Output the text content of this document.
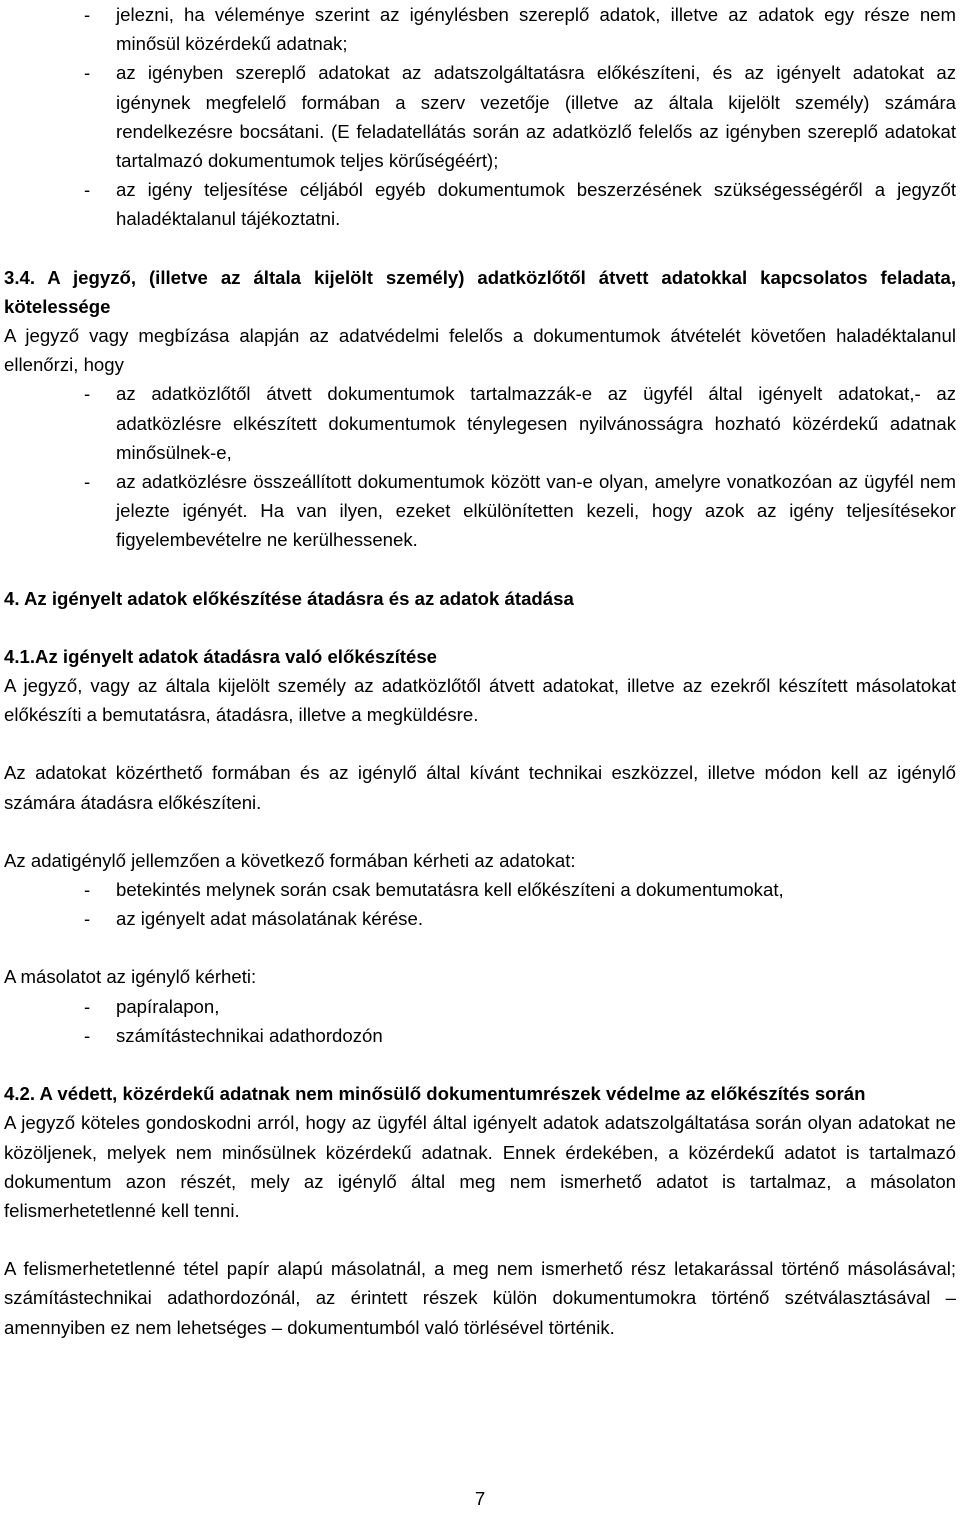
- jelezni, ha véleménye szerint az igénylésben szereplő adatok, illetve az adatok egy része nem minősül közérdekű adatnak;

- az igényben szereplő adatokat az adatszolgáltatásra előkészíteni, és az igényelt adatokat az igénynek megfelelő formában a szerv vezetője (illetve az általa kijelölt személy) számára rendelkezésre bocsátani. (E feladatellátás során az adatközlő felelős az igényben szereplő adatokat tartalmazó dokumentumok teljes körűségéért);

- az igény teljesítése céljából egyéb dokumentumok beszerzésének szükségességéről a jegyzőt haladéktalanul tájékoztatni.

3.4. A jegyző, (illetve az általa kijelölt személy) adatközlőtől átvett adatokkal kapcsolatos feladata, kötelessége

A jegyző vagy megbízása alapján az adatvédelmi felelős a dokumentumok átvételét követően haladéktalanul ellenőrzi, hogy

- az adatközlőtől átvett dokumentumok tartalmazzák-e az ügyfél által igényelt adatokat,- az adatközlésre elkészített dokumentumok ténylegesen nyilvánosságra hozható közérdekű adatnak minősülnek-e,

- az adatközlésre összeállított dokumentumok között van-e olyan, amelyre vonatkozóan az ügyfél nem jelezte igényét. Ha van ilyen, ezeket elkülönítetten kezeli, hogy azok az igény teljesítésekor figyelembevételre ne kerülhessenek.

4. Az igényelt adatok előkészítése átadásra és az adatok átadása

4.1.Az igényelt adatok átadásra való előkészítése

A jegyző, vagy az általa kijelölt személy az adatközlőtől átvett adatokat, illetve az ezekről készített másolatokat előkészíti a bemutatásra, átadásra, illetve a megküldésre.

Az adatokat közérthető formában és az igénylő által kívánt technikai eszközzel, illetve módon kell az igénylő számára átadásra előkészíteni.

Az adatigénylő jellemzően a következő formában kérheti az adatokat:

- betekintés melynek során csak bemutatásra kell előkészíteni a dokumentumokat,

- az igényelt adat másolatának kérése.

A másolatot az igénylő kérheti:

- papíralapon,

- számítástechnikai adathordozón

4.2. A védett, közérdekű adatnak nem minősülő dokumentumrészek védelme az előkészítés során

A jegyző köteles gondoskodni arról, hogy az ügyfél által igényelt adatok adatszolgáltatása során olyan adatokat ne közöljenek, melyek nem minősülnek közérdekű adatnak. Ennek érdekében, a közérdekű adatot is tartalmazó dokumentum azon részét, mely az igénylő által meg nem ismerhető adatot is tartalmaz, a másolaton felismerhetetlenné kell tenni.

A felismerhetetlenné tétel papír alapú másolatnál, a meg nem ismerhető rész letakarással történő másolásával; számítástechnikai adathordozónál, az érintett részek külön dokumentumokra történő szétválasztásával – amennyiben ez nem lehetséges – dokumentumból való törlésével történik.

7
